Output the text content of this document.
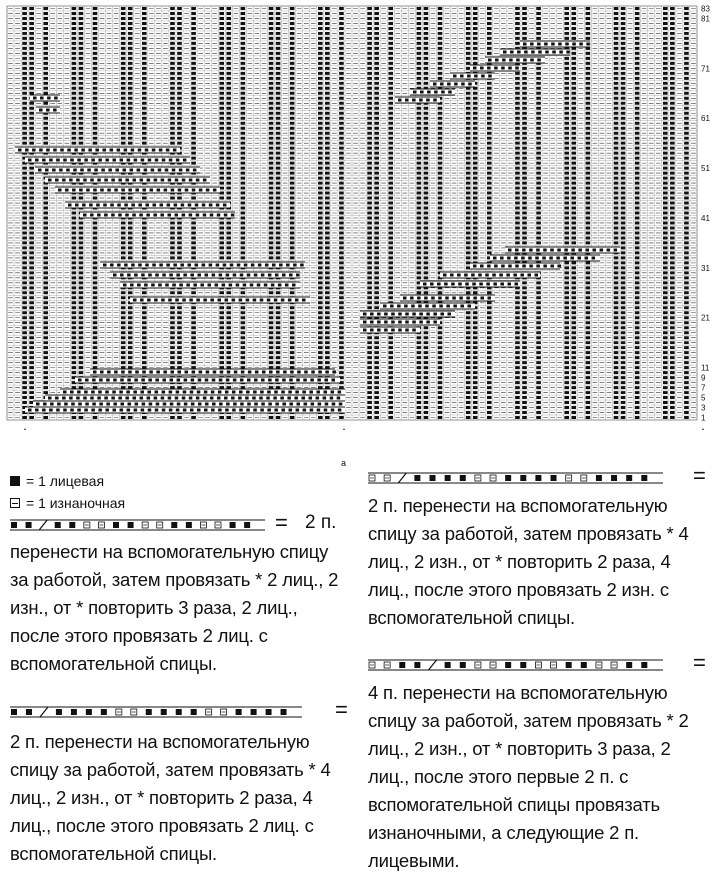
83
81
71
61
51
41
31
21
11
9
7
5
3
1
а
= 1 лицевая
= 1 изнаночная
= 2 п.
перенести на вспомогательную спицу за работой, затем провязать * 2 лиц., 2 изн., от * повторить 3 раза, 2 лиц., после этого провязать 2 лиц. с вспомогательной спицы.
=
2 п. перенести на вспомогательную спицу за работой, затем провязать * 4 лиц., 2 изн., от * повторить 2 раза, 4 лиц., после этого провязать 2 лиц. с вспомогательной спицы.
=
2 п. перенести на вспомогательную спицу за работой, затем провязать * 4 лиц., 2 изн., от * повторить 2 раза, 4 лиц., после этого провязать 2 изн. с вспомогательной спицы.
=
4 п. перенести на вспомогательную спицу за работой, затем провязать * 2 лиц., 2 изн., от * повторить 3 раза, 2 лиц., после этого первые 2 п. с вспомогательной спицы провязать изнаночными, а следующие 2 п. лицевыми.
